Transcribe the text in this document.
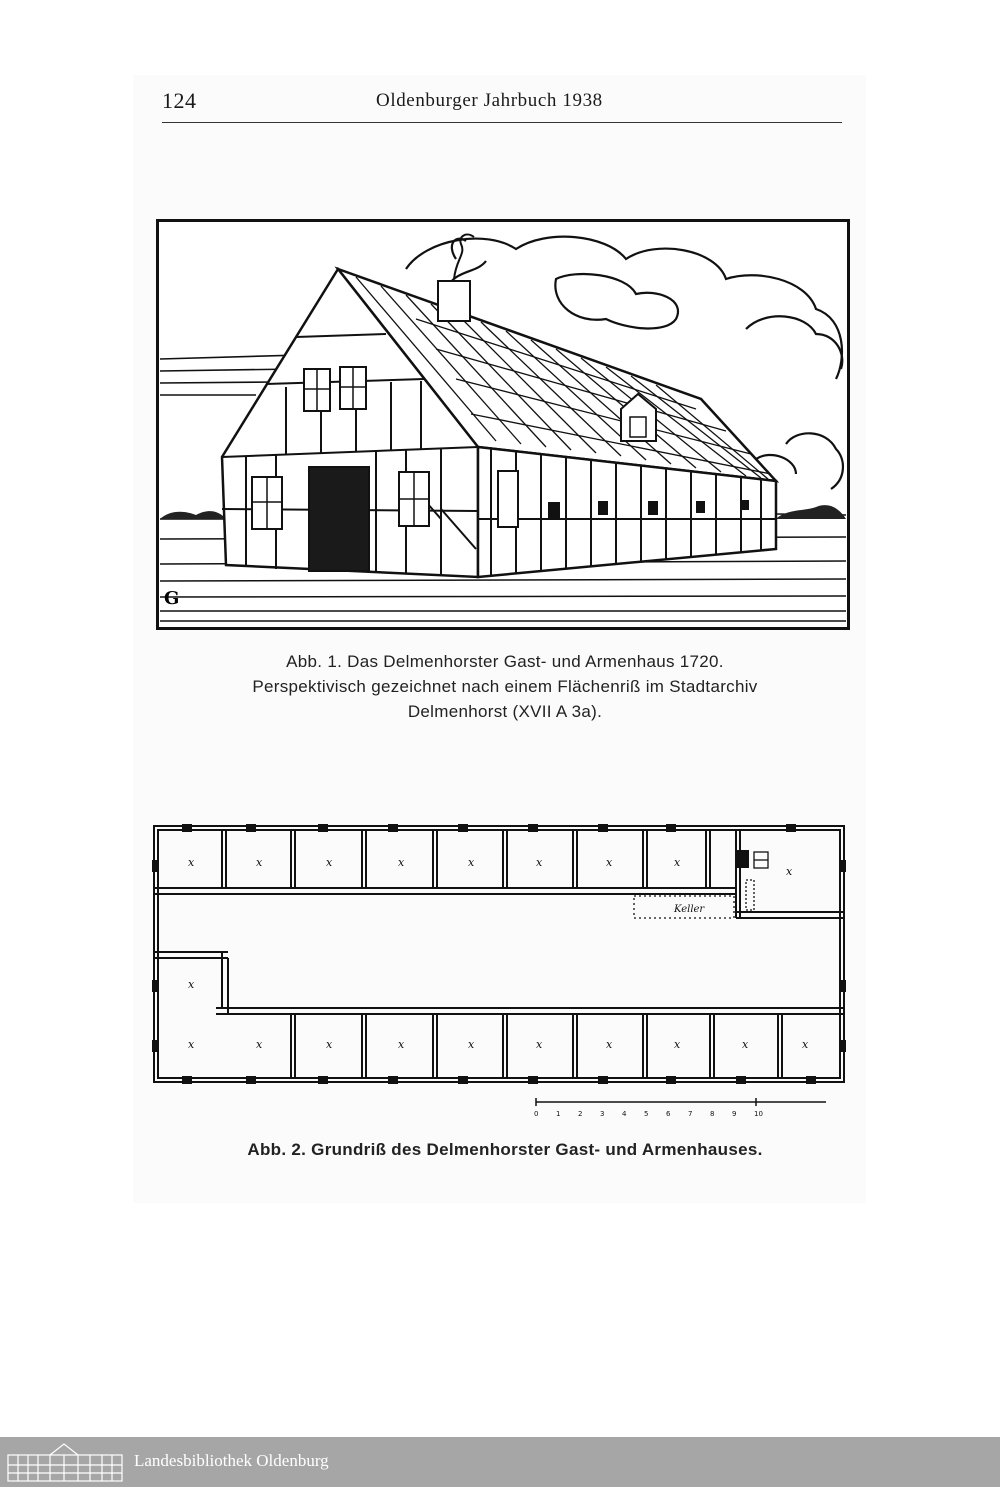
124	Oldenburger Jahrbuch 1938
G
Abb. 1. Das Delmenhorster Gast- und Armenhaus 1720.
Perspektivisch gezeichnet nach einem Flächenriß im Stadtarchiv
Delmenhorst (XVII A 3a).
Keller
x	x	x	x	x	x	x	x
x
x
x	x	x	x	x	x	x	x	x	x
0	1	2	3	4	5	6	7	8	9	10
Abb. 2. Grundriß des Delmenhorster Gast- und Armenhauses.
Landesbibliothek Oldenburg
